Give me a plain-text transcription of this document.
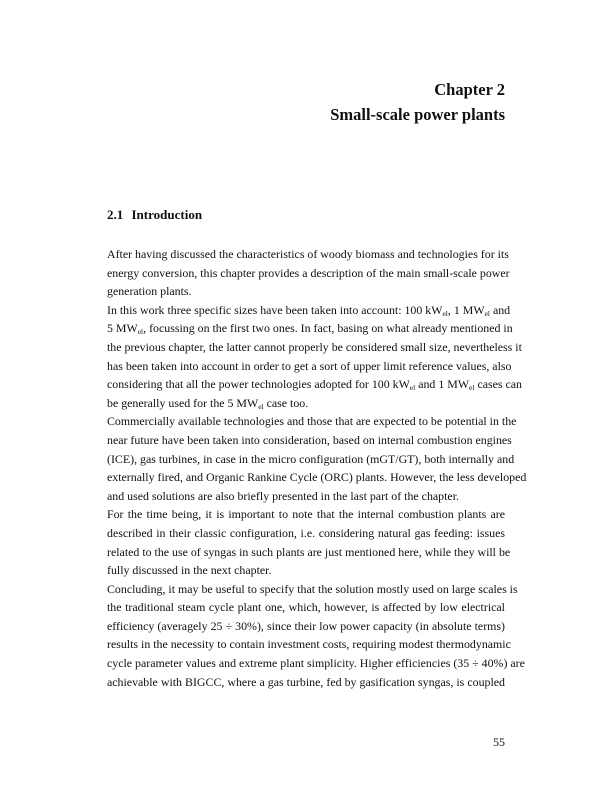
Chapter 2
Small-scale power plants
2.1 Introduction
After having discussed the characteristics of woody biomass and technologies for its
energy conversion, this chapter provides a description of the main small-scale power
generation plants.
In this work three specific sizes have been taken into account: 100 $kW_{el}$, 1 $MW_{el}$ and
5 $MW_{el}$, focussing on the first two ones. In fact, basing on what already mentioned in
the previous chapter, the latter cannot properly be considered small size, nevertheless it
has been taken into account in order to get a sort of upper limit reference values, also
considering that all the power technologies adopted for 100 $kW_{el}$ and 1 $MW_{el}$ cases can
be generally used for the 5 $MW_{el}$ case too.
Commercially available technologies and those that are expected to be potential in the
near future have been taken into consideration, based on internal combustion engines
(ICE), gas turbines, in case in the micro configuration (mGT/GT), both internally and
externally fired, and Organic Rankine Cycle (ORC) plants. However, the less developed
and used solutions are also briefly presented in the last part of the chapter.
For the time being, it is important to note that the internal combustion plants are
described in their classic configuration, i.e. considering natural gas feeding: issues
related to the use of syngas in such plants are just mentioned here, while they will be
fully discussed in the next chapter.
Concluding, it may be useful to specify that the solution mostly used on large scales is
the traditional steam cycle plant one, which, however, is affected by low electrical
efficiency (averagely 25 ÷ 30%), since their low power capacity (in absolute terms)
results in the necessity to contain investment costs, requiring modest thermodynamic
cycle parameter values and extreme plant simplicity. Higher efficiencies (35 ÷ 40%) are
achievable with BIGCC, where a gas turbine, fed by gasification syngas, is coupled
55
